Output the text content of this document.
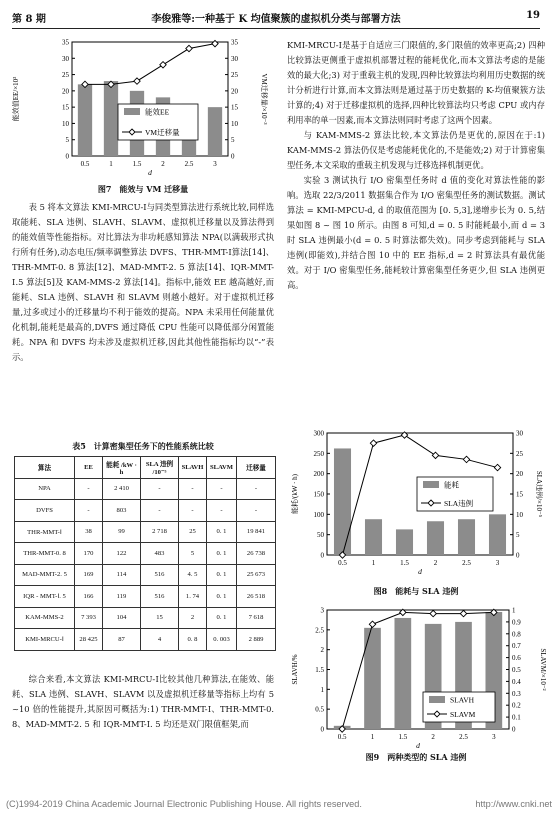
第 8 期	李俊雅等:一种基于 K 均值聚簇的虚拟机分类与部署方法	19
0
5
10
15
20
25
30
35
0
5
10
15
20
25
30
35
0.5	1	1.5	2	2.5	3
d
能效值EE/×10³	VM迁移量/×10⁻³
能效EE
VM迁移量
图7　能效与 VM 迁移量

表 5 将本文算法 KMI-MRCU-Ⅰ与同类型算法进行系统比较,同样选取能耗、SLA 违例、SLAVH、SLAVM、虚拟机迁移量以及算法得到的能效值等性能指标。对比算法为非功耗感知算法 NPA(以满载形式执行所有任务),动态电压/频率调整算法 DVFS、THR-MMT-Ⅰ算法[14]、THR-MMT-0. 8 算法[12]、MAD-MMT-2. 5 算法[14]、IQR-MMT-Ⅰ.5 算法[5]及 KAM-MMS-2 算法[14]。指标中,能效 EE 越高越好,而能耗、SLA 违例、SLAVH 和 SLAVM 则越小越好。对于虚拟机迁移量,过多或过小的迁移量均不利于能效的提高。NPA 未采用任何能量优化机制,能耗是最高的,DVFS 通过降低 CPU 性能可以降低部分闲置能耗。NPA 和 DVFS 均未涉及虚拟机迁移,因此其他性能指标均以“-”表示。

表5　计算密集型任务下的性能系统比较
算法	EE	能耗 /kW · h	SLA 违例 /10⁻⁵	SLAVH	SLAVM	迁移量
NPA	-	2 410	-	-	-	-
DVFS	-	803	-	-	-	-
THR-MMT-Ⅰ	38	99	2 718	25	0. 1	19 841
THR-MMT-0. 8	170	122	483	5	0. 1	26 738
MAD-MMT-2. 5	169	114	516	4. 5	0. 1	25 673
IQR - MMT-Ⅰ. 5	166	119	516	1. 74	0. 1	26 518
KAM-MMS-2	7 393	104	15	2	0. 1	7 618
KMI-MRCU-Ⅰ	28 425	87	4	0. 8	0. 003	2 889

综合来看,本文算法 KMI-MRCU-Ⅰ比较其他几种算法,在能效、能耗、SLA 违例、SLAVH、SLAVM 以及虚拟机迁移量等指标上均有 5 ~10 倍的性能提升,其原因可概括为:1) THR-MMT-Ⅰ、THR-MMT-0. 8、MAD-MMT-2. 5 和 IQR-MMT-Ⅰ. 5 均还是双门限值框架,而

KMI-MRCU-Ⅰ是基于自适应三门限值的,多门限值的效率更高;2) 四种比较算法更侧重于虚拟机部署过程的能耗优化,而本文算法考虑的是能效的最大化;3) 对于重载主机的发现,四种比较算法均利用历史数据的统计分析进行计算,而本文算法则是通过基于历史数据的 K-均值聚簇方法计算的;4) 对于迁移虚拟机的选择,四种比较算法均只考虑 CPU 或内存利用率的单一因素,而本文算法则同时考虑了这两个因素。

与 KAM-MMS-2 算法比较,本文算法仍是更优的,原因在于:1) KAM-MMS-2 算法仍仅是考虑能耗优化的,不是能效;2) 对于计算密集型任务,本文采取的重载主机发现与迁移选择机制更优。

实验 3 测试执行 I/O 密集型任务时 d 值的变化对算法性能的影响。选取 22/3/2011 数据集合作为 I/O 密集型任务的测试数据。测试算法 = KMI-MPCU-d, d 的取值范围为 [0. 5,3],递增步长为 0. 5,结果如图 8 ~ 图 10 所示。由图 8 可知,d = 0. 5 时能耗最小,而 d = 3 时 SLA 违例最小(d = 0. 5 时算法都失效)。同步考虑到能耗与 SLA 违例(即能效),并结合图 10 中的 EE 指标,d = 2 时算法具有最优能效。对于 I/O 密集型任务,能耗较计算密集型任务更少,但 SLA 违例更高。

0
50
100
150
200
250
300
0
5
10
15
20
25
30
0.5	1	1.5	2	2.5	3
d
能耗/(kW · h)	SLA违例/×10⁻⁵
能耗
SLA违例
图8　能耗与 SLA 违例
0
0.5
1
1.5
2
2.5
3
0
0.1
0.2
0.3
0.4
0.5
0.6
0.7
0.8
0.9
1
0.5	1	1.5	2	2.5	3
d
SLAVH/%	SLAVM/×10⁻²
SLAVH
SLAVM
图9　两种类型的 SLA 违例
(C)1994-2019 China Academic Journal Electronic Publishing House. All rights reserved.	http://www.cnki.net
